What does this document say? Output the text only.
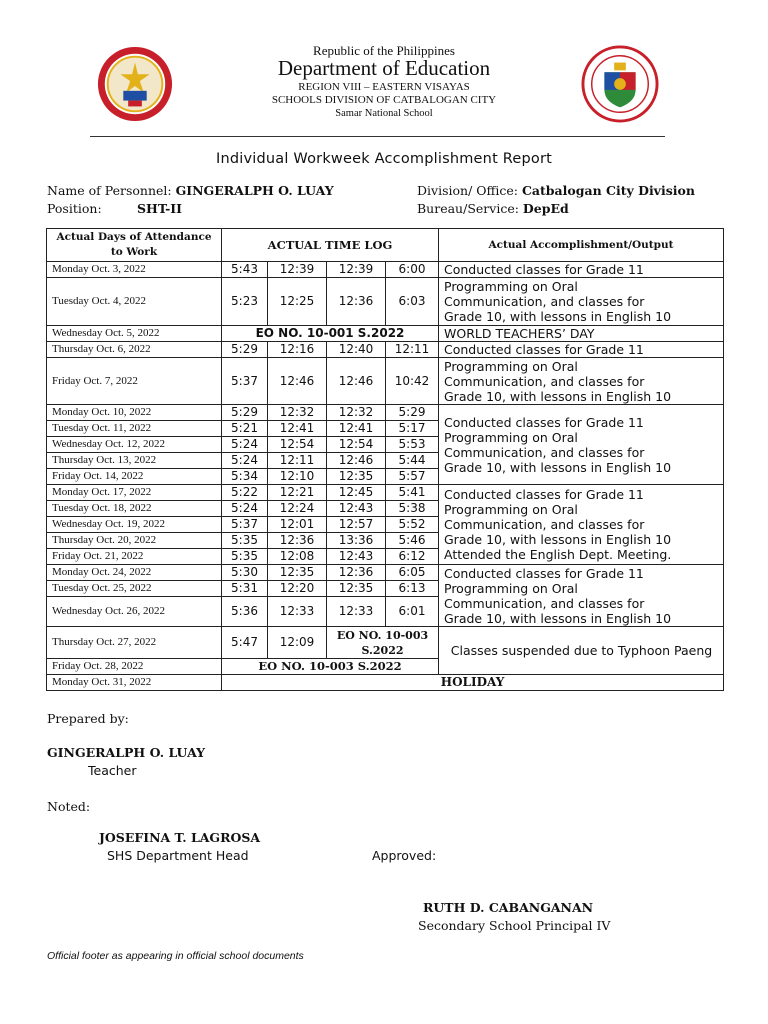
Republic of the Philippines
Department of Education
REGION VIII – EASTERN VISAYAS
SCHOOLS DIVISION OF CATBALOGAN CITY
Samar National School
Individual Workweek Accomplishment Report
Name of Personnel: GINGERALPH O. LUAY
Position:	SHT-II
Division/ Office: Catbalogan City Division
Bureau/Service: DepEd
Actual Days of Attendance to Work	ACTUAL TIME LOG				Actual Accomplishment/Output
Monday Oct. 3, 2022	5:43	12:39	12:39	6:00	Conducted classes for Grade 11
Tuesday Oct. 4, 2022	5:23	12:25	12:36	6:03	Programming on Oral
Communication, and classes for
Grade 10, with lessons in English 10

Wednesday Oct. 5, 2022	EO NO. 10-001 S.2022				WORLD TEACHERS’ DAY
Thursday Oct. 6, 2022	5:29	12:16	12:40	12:11	Conducted classes for Grade 11
Friday Oct. 7, 2022	5:37	12:46	12:46	10:42	Programming on Oral
Communication, and classes for
Grade 10, with lessons in English 10

Monday Oct. 10, 2022	5:29	12:32	12:32	5:29	Conducted classes for Grade 11
Programming on Oral
Communication, and classes for
Grade 10, with lessons in English 10

Tuesday Oct. 11, 2022	5:21	12:41	12:41	5:17	
Wednesday Oct. 12, 2022	5:24	12:54	12:54	5:53	
Thursday Oct. 13, 2022	5:24	12:11	12:46	5:44	
Friday Oct. 14, 2022	5:34	12:10	12:35	5:57	
Monday Oct. 17, 2022	5:22	12:21	12:45	5:41	Conducted classes for Grade 11
Programming on Oral
Communication, and classes for
Grade 10, with lessons in English 10
Attended the English Dept. Meeting.

Tuesday Oct. 18, 2022	5:24	12:24	12:43	5:38	
Wednesday Oct. 19, 2022	5:37	12:01	12:57	5:52	
Thursday Oct. 20, 2022	5:35	12:36	13:36	5:46	
Friday Oct. 21, 2022	5:35	12:08	12:43	6:12	
Monday Oct. 24, 2022	5:30	12:35	12:36	6:05	Conducted classes for Grade 11
Programming on Oral
Communication, and classes for
Grade 10, with lessons in English 10

Tuesday Oct. 25, 2022	5:31	12:20	12:35	6:13	
Wednesday Oct. 26, 2022	5:36	12:33	12:33	6:01	
Thursday Oct. 27, 2022	5:47	12:09	EO NO. 10-003 S.2022		Classes suspended due to Typhoon Paeng
Friday Oct. 28, 2022	EO NO. 10-003 S.2022				
Monday Oct. 31, 2022	HOLIDAY				
Prepared by:
GINGERALPH O. LUAY
Teacher
Noted:
JOSEFINA T. LAGROSA
SHS Department Head	Approved:
RUTH D. CABANGANAN
Secondary School Principal IV
Official footer as appearing in official school documents
